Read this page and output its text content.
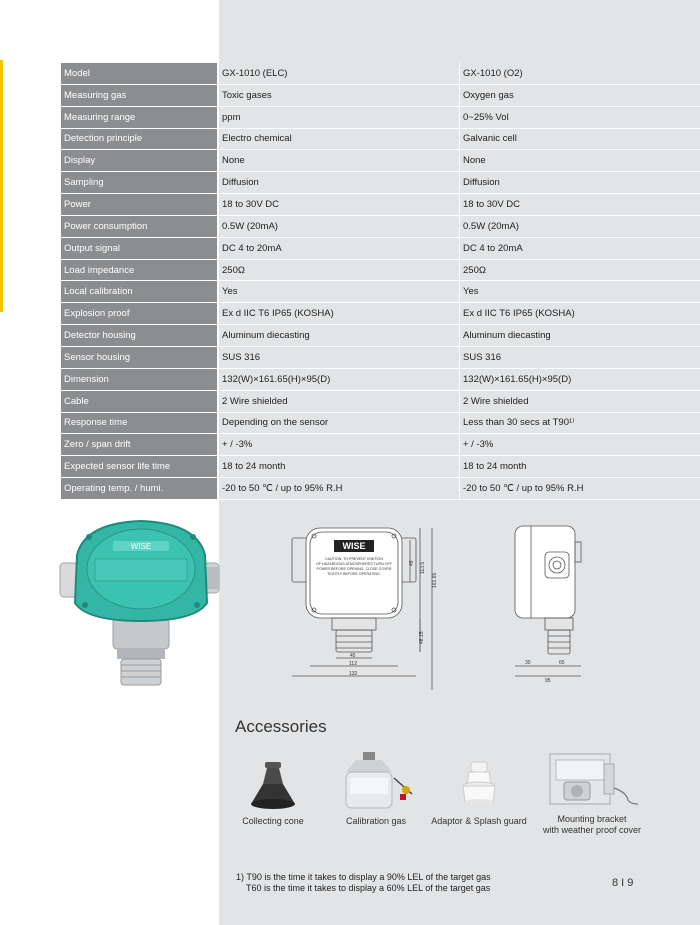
Model	GX-1010 (ELC)	GX-1010 (O2)
Measuring gas	Toxic gases	Oxygen gas
Measuring range	ppm	0~25% Vol
Detection principle	Electro chemical	Galvanic cell
Display	None	None
Sampling	Diffusion	Diffusion
Power	18 to 30V DC	18 to 30V DC
Power consumption	0.5W (20mA)	0.5W (20mA)
Output signal	DC 4 to 20mA	DC 4 to 20mA
Load impedance	250Ω	250Ω
Local calibration	Yes	Yes
Explosion proof	Ex d IIC T6 IP65 (KOSHA)	Ex d IIC T6 IP65 (KOSHA)
Detector housing	Aluminum diecasting	Aluminum diecasting
Sensor housing	SUS 316	SUS 316
Dimension	132(W)×161.65(H)×95(D)	132(W)×161.65(H)×95(D)
Cable	2 Wire shielded	2 Wire shielded
Response time	Depending on the sensor	Less than 30 secs at T90¹⁾
Zero / span drift	+ / -3%	+ / -3%
Expected sensor life time	18 to 24 month	18 to 24 month
Operating temp. / humi.	-20 to 50 ℃ / up to 95% R.H	-20 to 50 ℃ / up to 95% R.H
WISE	WISE
CAUTION: TO PREVENT IGNITION
OF HAZARDOUS ATMOSPHERES TURN OFF
POWER BEFORE OPENING. CLOSE COVER
TIGHTLY BEFORE OPERATING.	161.65
113.5
49
48.15
45
112
132
30	65
95
Accessories
Collecting cone	Calibration gas	Adaptor & Splash guard	Mounting bracket
with weather proof cover
1) T90 is the time it takes to display a 90% LEL of the target gas
T60 is the time it takes to display a 60% LEL of the target gas	8 I 9
